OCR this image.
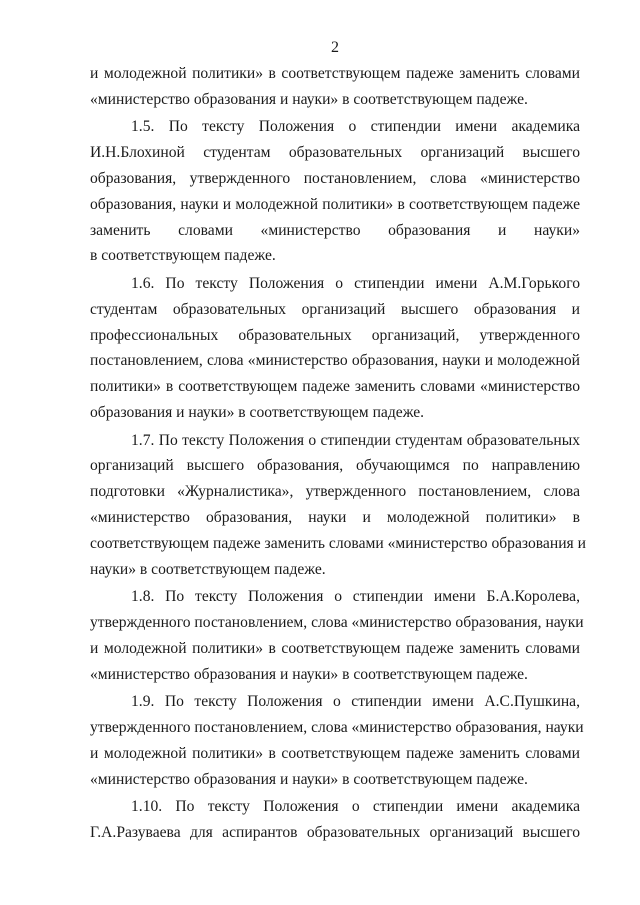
2
и молодежной политики» в соответствующем падеже заменить словами
«министерство образования и науки» в соответствующем падеже.
1.5. По тексту Положения о стипендии имени академика
И.Н.Блохиной студентам образовательных организаций высшего
образования, утвержденного постановлением, слова «министерство
образования, науки и молодежной политики» в соответствующем падеже
заменить словами «министерство образования и науки»
в соответствующем падеже.
1.6. По тексту Положения о стипендии имени А.М.Горького
студентам образовательных организаций высшего образования и
профессиональных образовательных организаций, утвержденного
постановлением, слова «министерство образования, науки и молодежной
политики» в соответствующем падеже заменить словами «министерство
образования и науки» в соответствующем падеже.
1.7. По тексту Положения о стипендии студентам образовательных
организаций высшего образования, обучающимся по направлению
подготовки «Журналистика», утвержденного постановлением, слова
«министерство образования, науки и молодежной политики» в
соответствующем падеже заменить словами «министерство образования и
науки» в соответствующем падеже.
1.8. По тексту Положения о стипендии имени Б.А.Королева,
утвержденного постановлением, слова «министерство образования, науки
и молодежной политики» в соответствующем падеже заменить словами
«министерство образования и науки» в соответствующем падеже.
1.9. По тексту Положения о стипендии имени А.С.Пушкина,
утвержденного постановлением, слова «министерство образования, науки
и молодежной политики» в соответствующем падеже заменить словами
«министерство образования и науки» в соответствующем падеже.
1.10. По тексту Положения о стипендии имени академика
Г.А.Разуваева для аспирантов образовательных организаций высшего
